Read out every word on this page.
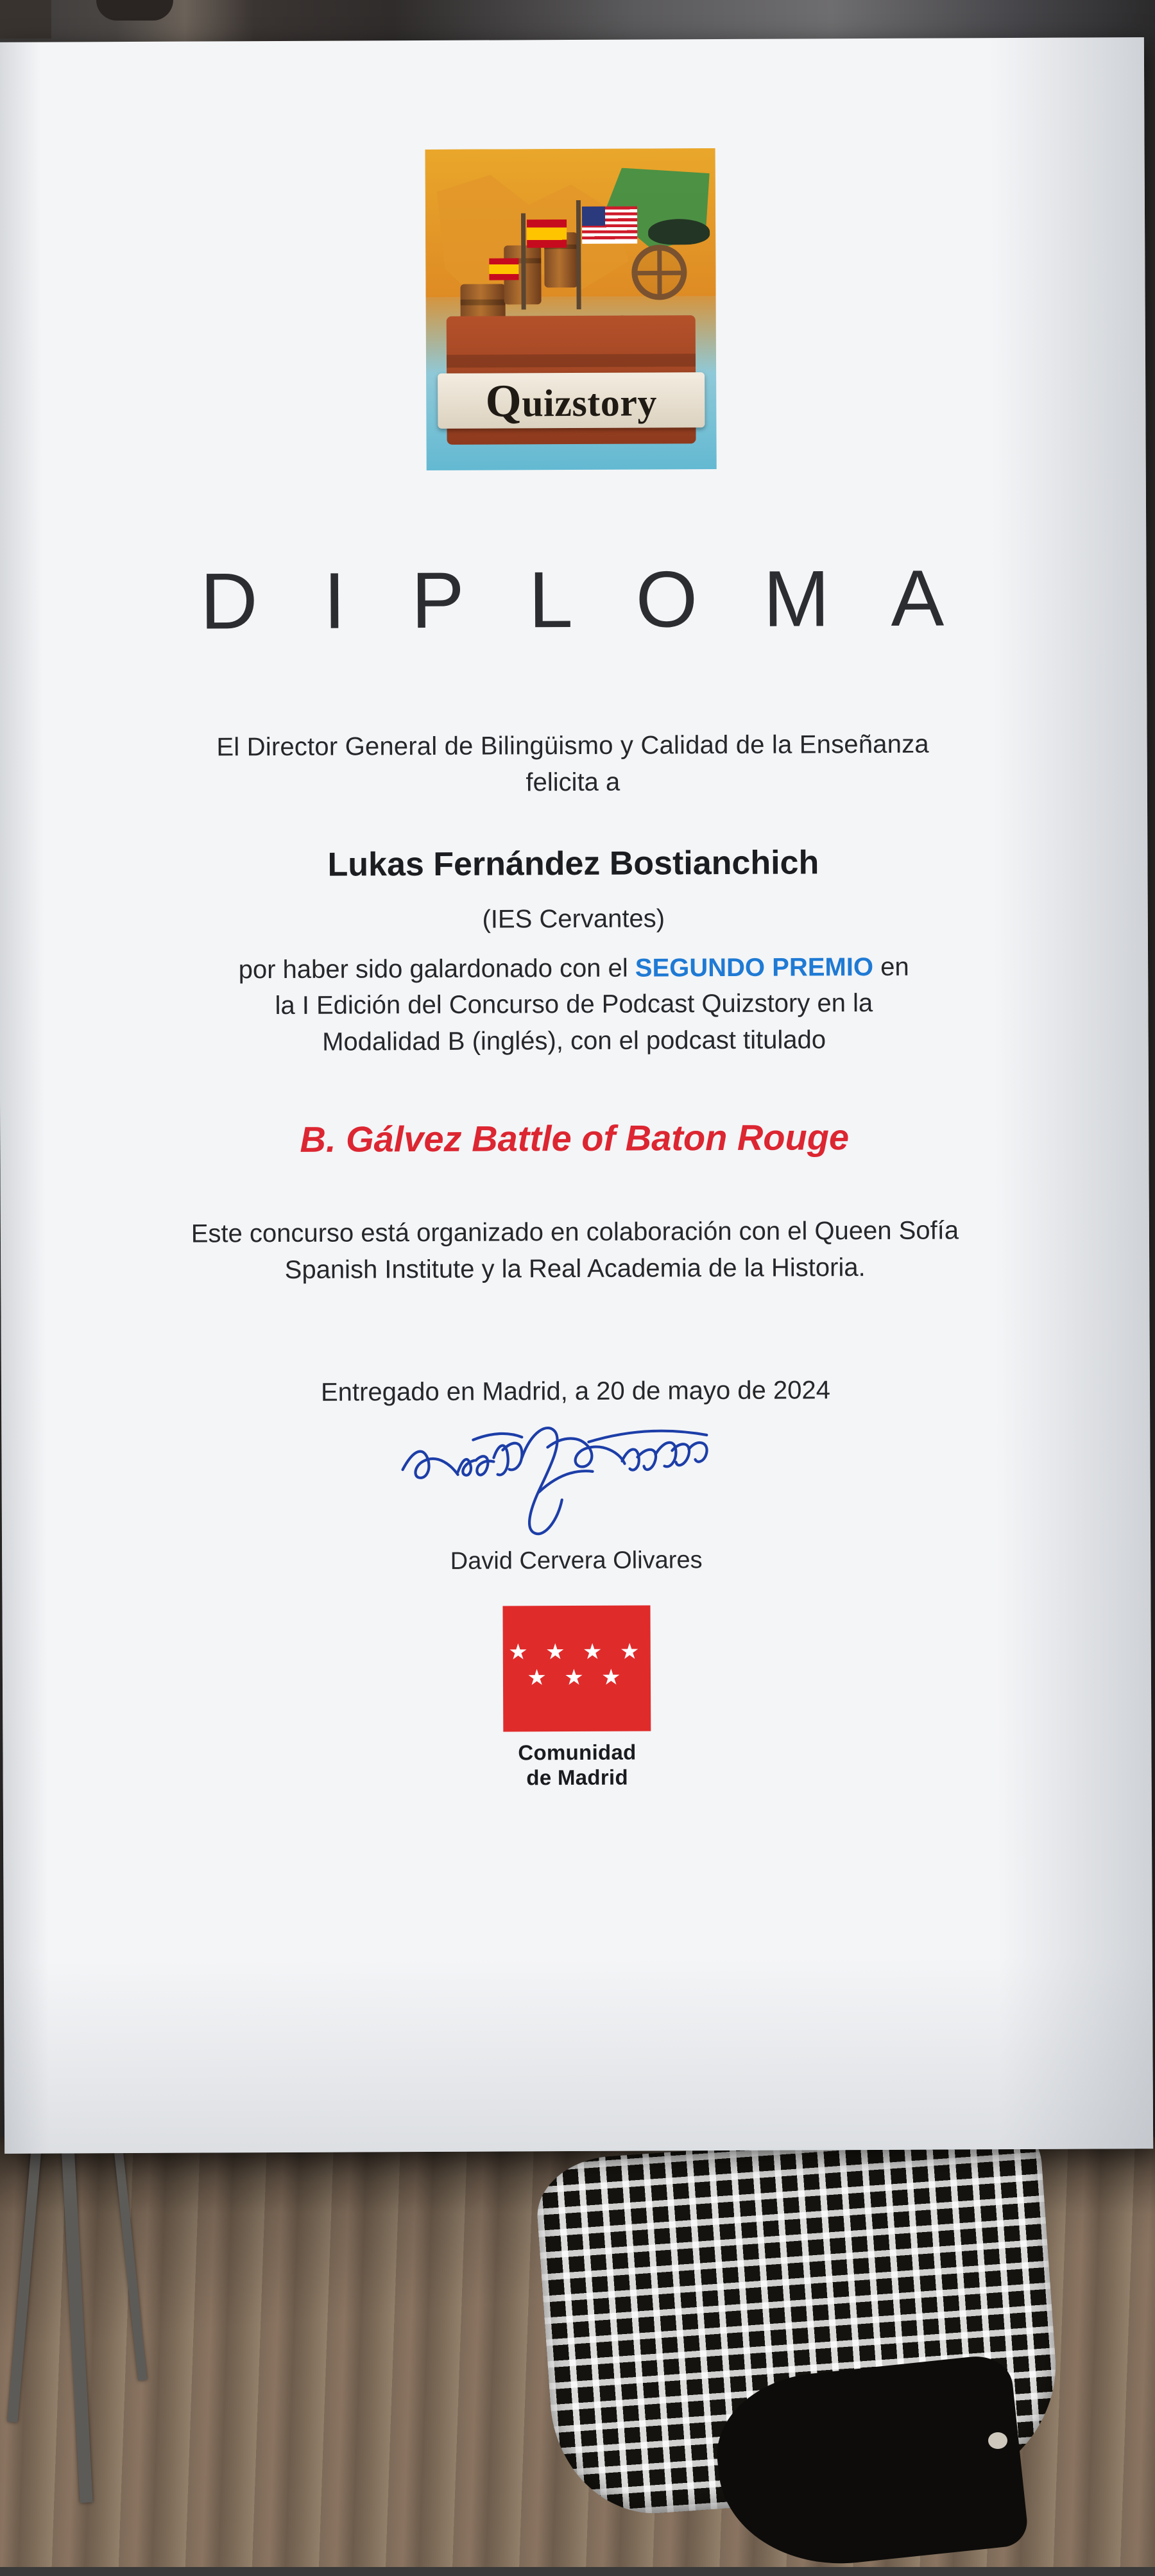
Quizstory
D I P L O M A
El Director General de Bilingüismo y Calidad de la Enseñanza
felicita a
Lukas Fernández Bostianchich
(IES Cervantes)
por haber sido galardonado con el SEGUNDO PREMIO en
la I Edición del Concurso de Podcast Quizstory en la
Modalidad B (inglés), con el podcast titulado
B. Gálvez Battle of Baton Rouge
Este concurso está organizado en colaboración con el Queen Sofía
Spanish Institute y la Real Academia de la Historia.
Entregado en Madrid, a 20 de mayo de 2024
David Cervera Olivares
★ ★ ★ ★
★ ★ ★
Comunidad
de Madrid
